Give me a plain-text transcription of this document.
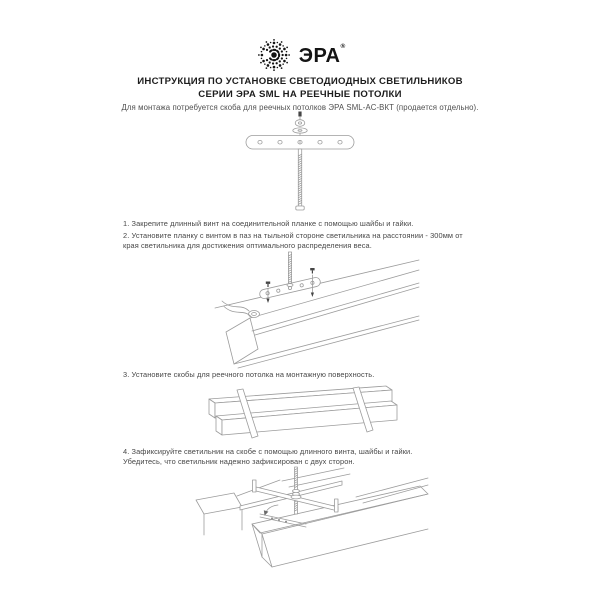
ЭРА®
ИНСТРУКЦИЯ ПО УСТАНОВКЕ СВЕТОДИОДНЫХ СВЕТИЛЬНИКОВ
СЕРИИ ЭРА SML НА РЕЕЧНЫЕ ПОТОЛКИ
Для монтажа потребуется скоба для реечных потолков ЭРА SML-AC-ВКТ (продается отдельно).
1. Закрепите длинный винт на соединительной планке с помощью шайбы и гайки.
2. Установите планку с винтом в паз на тыльной стороне светильника на расстоянии - 300мм от края светильника для достижения оптимального распределения веса.
3. Установите скобы для реечного потолка на монтажную поверхность.
4. Зафиксируйте светильник на скобе с помощью длинного винта, шайбы и гайки.
Убедитесь, что светильник надежно зафиксирован с двух сторон.
